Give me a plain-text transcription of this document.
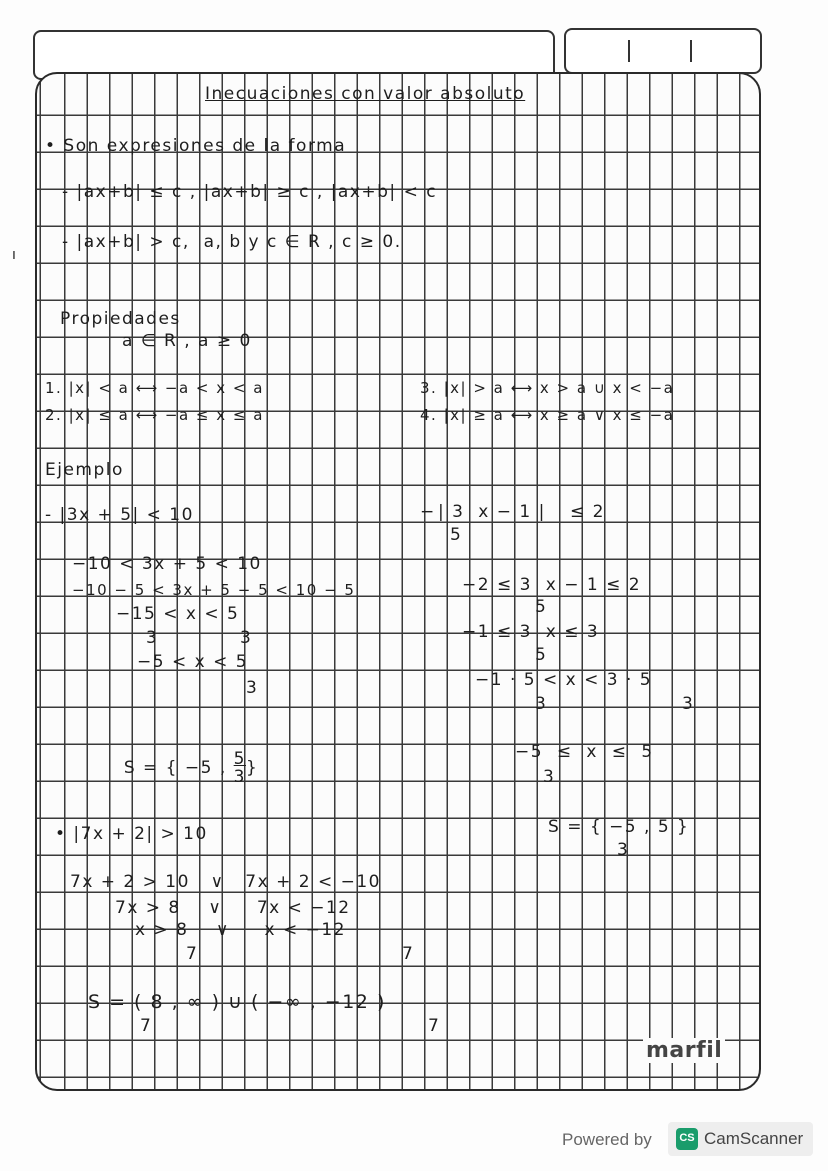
ı
Inecuaciones con valor absoluto
• Son expresiones de la forma
- |ax+b| ≤ c , |ax+b| ≥ c , |ax+b| < c
- |ax+b| > c,  a, b y c ∈ R , c ≥ 0.
Propiedades
a ∈ R , a ≥ 0
1. |x| < a ⟷ −a < x < a
2. |x| ≤ a ⟷ −a ≤ x ≤ a
3. |x| > a ⟷ x > a ∪ x < −a
4. |x| ≥ a ⟷ x ≥ a ∨ x ≤ −a
Ejemplo
- |3x + 5| < 10
−10 < 3x + 5 < 10
−10 − 5 < 3x + 5 − 5 < 10 − 5
−15 < x < 5
3	3
−5 < x < 5
3

S = { −5 , $\frac{5}{3}$}

− | 3  x − 1 |
5
≤ 2
−2 ≤ 3  x − 1 ≤ 2
5
−1 ≤ 3  x ≤ 3
5
−1 · 5 < x < 3 · 5
3	3
−5  ≤  x  ≤  5
3
S = { −5 , 5 }
3
• |7x + 2| > 10
7x + 2 > 10   ∨   7x + 2 < −10
7x > 8    ∨     7x < −12
x > 8    ∨     x < −12
7	7
S = ( 8 , ∞ ) ∪ ( −∞ , −12 )
7	7
marfil
Powered by	CS CamScanner
